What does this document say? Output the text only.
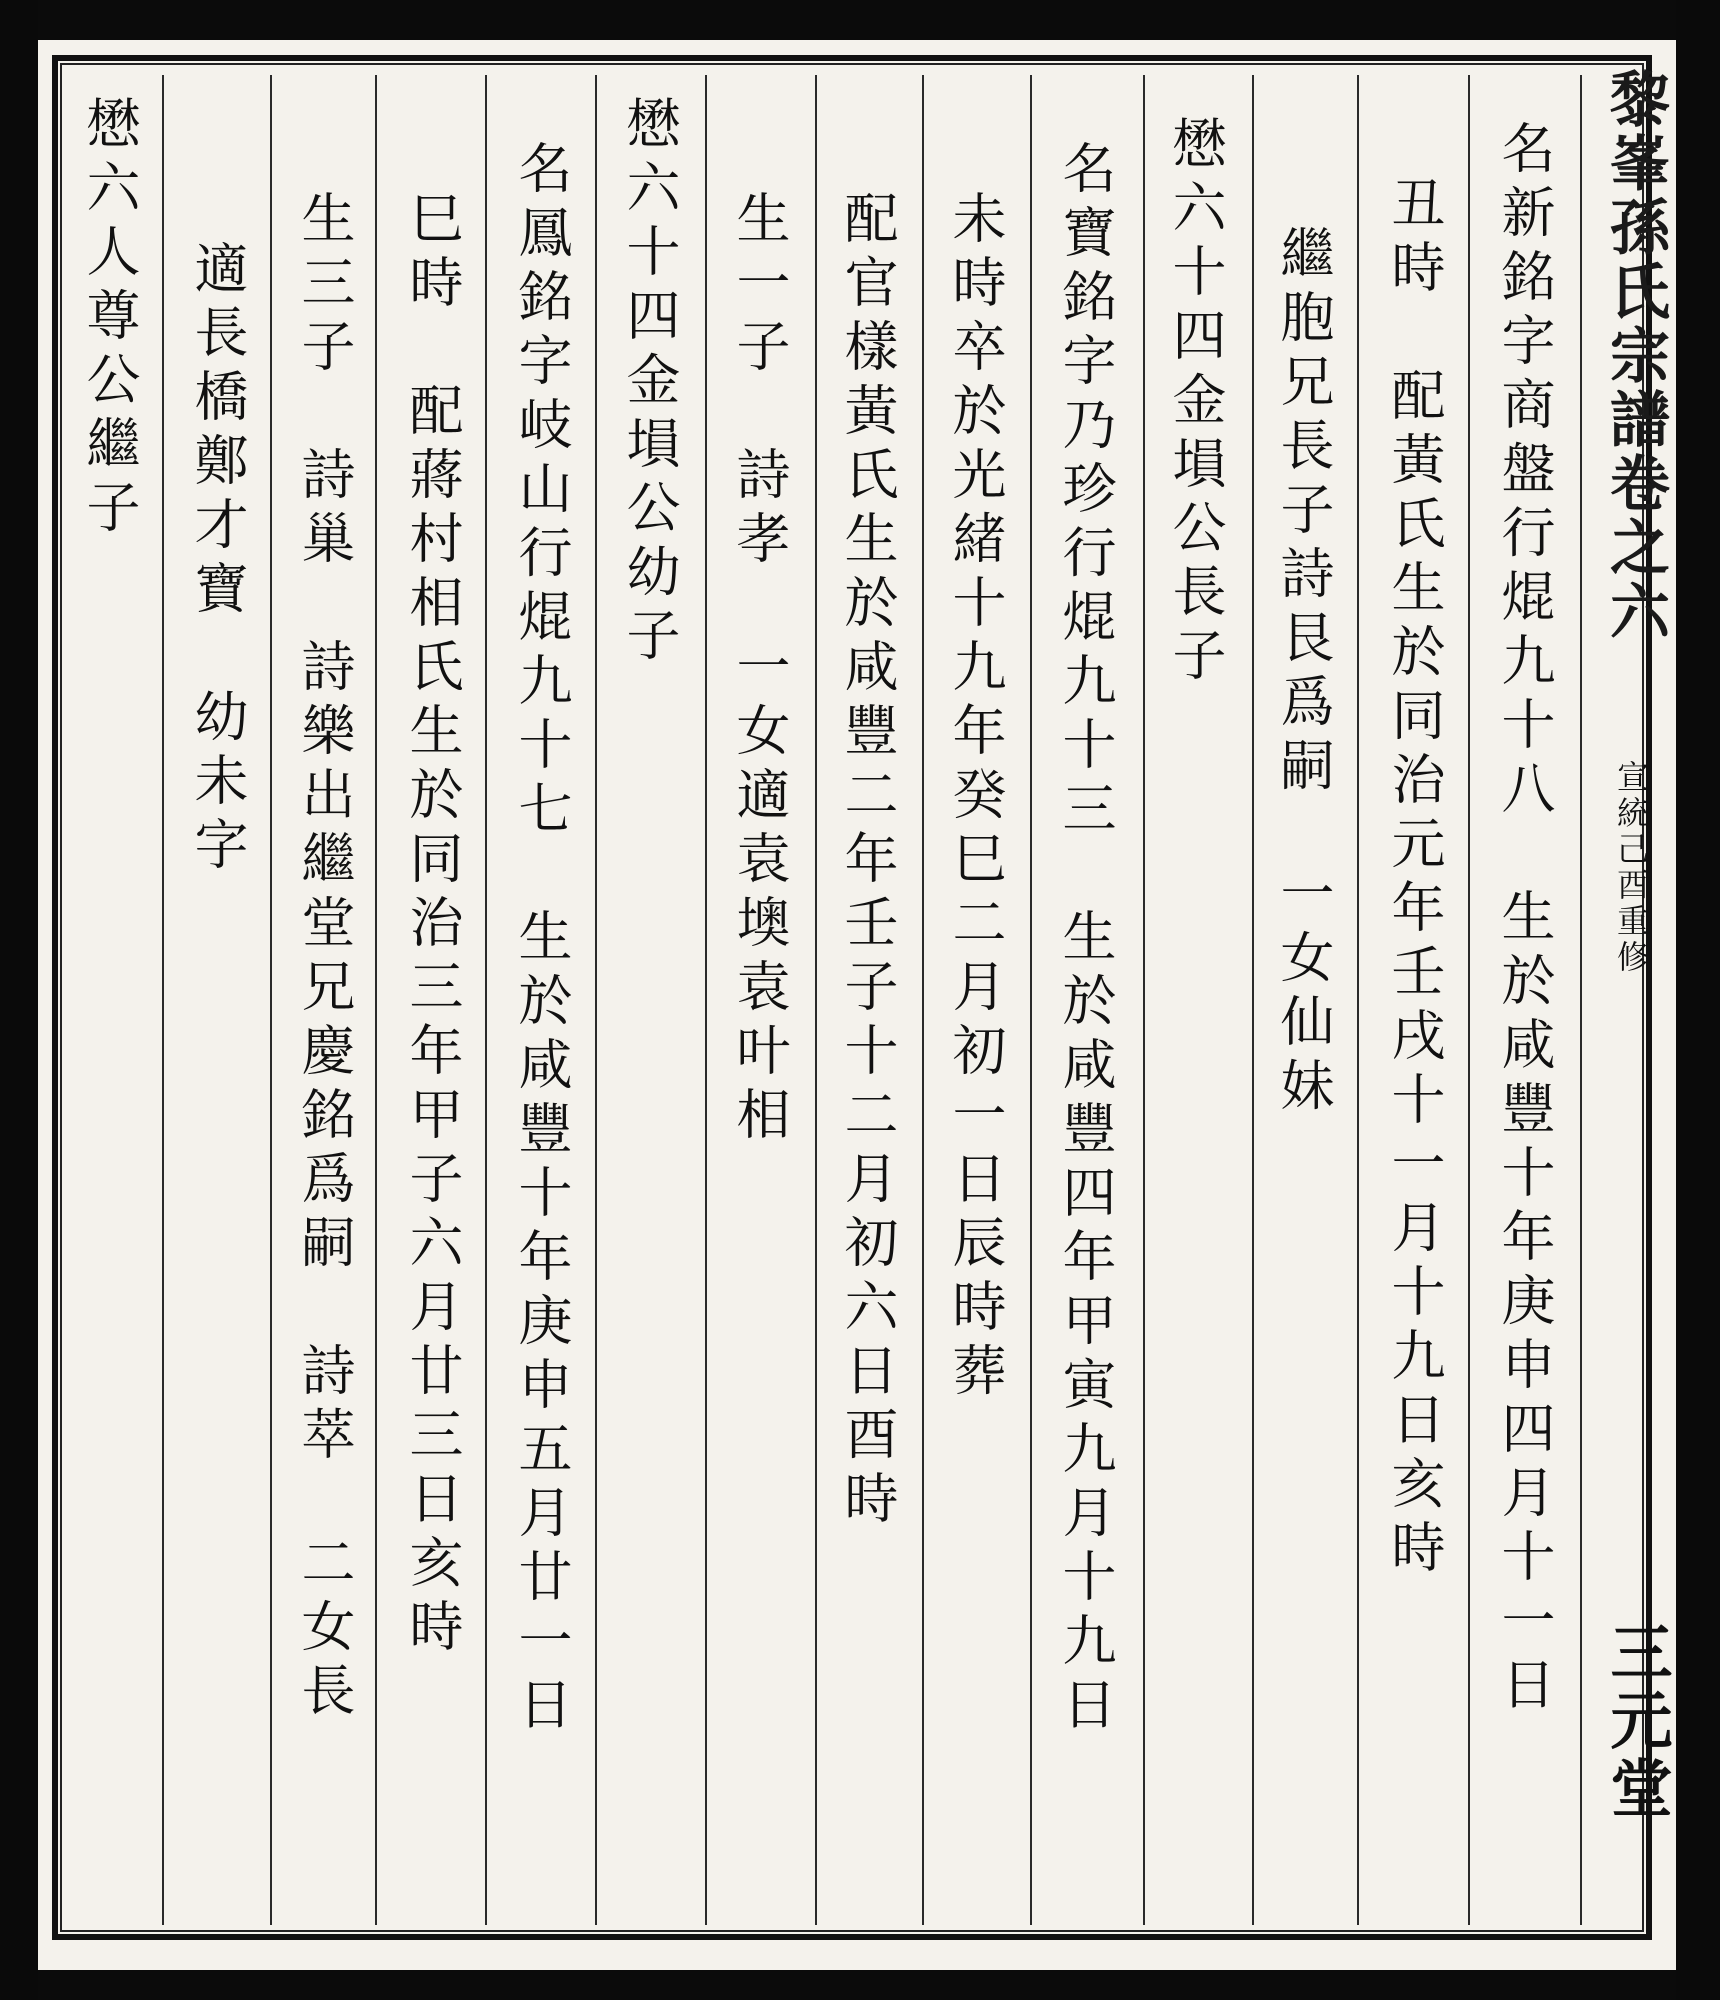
黎峯孫氏宗譜卷之六
宣統己酉重修
三元堂
名新銘字商盤行焜九十八　生於咸豐十年庚申四月十一日
丑時　配黃氏生於同治元年壬戌十一月十九日亥時
繼胞兄長子詩艮爲嗣　一女仙妹
懋六十四金塤公長子
名寶銘字乃珍行焜九十三　生於咸豐四年甲寅九月十九日
未時卒於光緒十九年癸巳二月初一日辰時葬
配官樣黃氏生於咸豐二年壬子十二月初六日酉時
生一子　詩孝　一女適袁墺袁叶相
懋六十四金塤公幼子
名鳳銘字岐山行焜九十七　生於咸豐十年庚申五月廿一日
巳時　配蔣村相氏生於同治三年甲子六月廿三日亥時
生三子　詩巢　詩樂出繼堂兄慶銘爲嗣　詩萃　二女長
適長橋鄭才寶　幼未字
懋六人尊公繼子
